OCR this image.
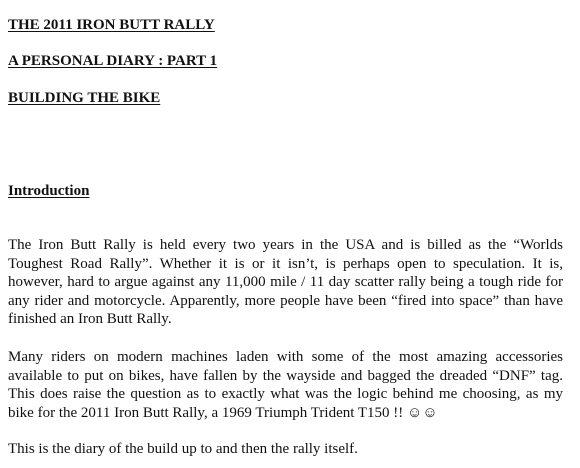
THE 2011 IRON BUTT RALLY
A PERSONAL DIARY : PART 1
BUILDING THE BIKE
Introduction

The Iron Butt Rally is held every two years in the USA and is billed as the “Worlds Toughest Road Rally”. Whether it is or it isn’t, is perhaps open to speculation. It is, however, hard to argue against any 11,000 mile / 11 day scatter rally being a tough ride for any rider and motorcycle. Apparently, more people have been “fired into space” than have finished an Iron Butt Rally.

Many riders on modern machines laden with some of the most amazing accessories available to put on bikes, have fallen by the wayside and bagged the dreaded “DNF” tag. This does raise the question as to exactly what was the logic behind me choosing, as my bike for the 2011 Iron Butt Rally, a 1969 Triumph Trident T150 !! ☺☺

This is the diary of the build up to and then the rally itself.
